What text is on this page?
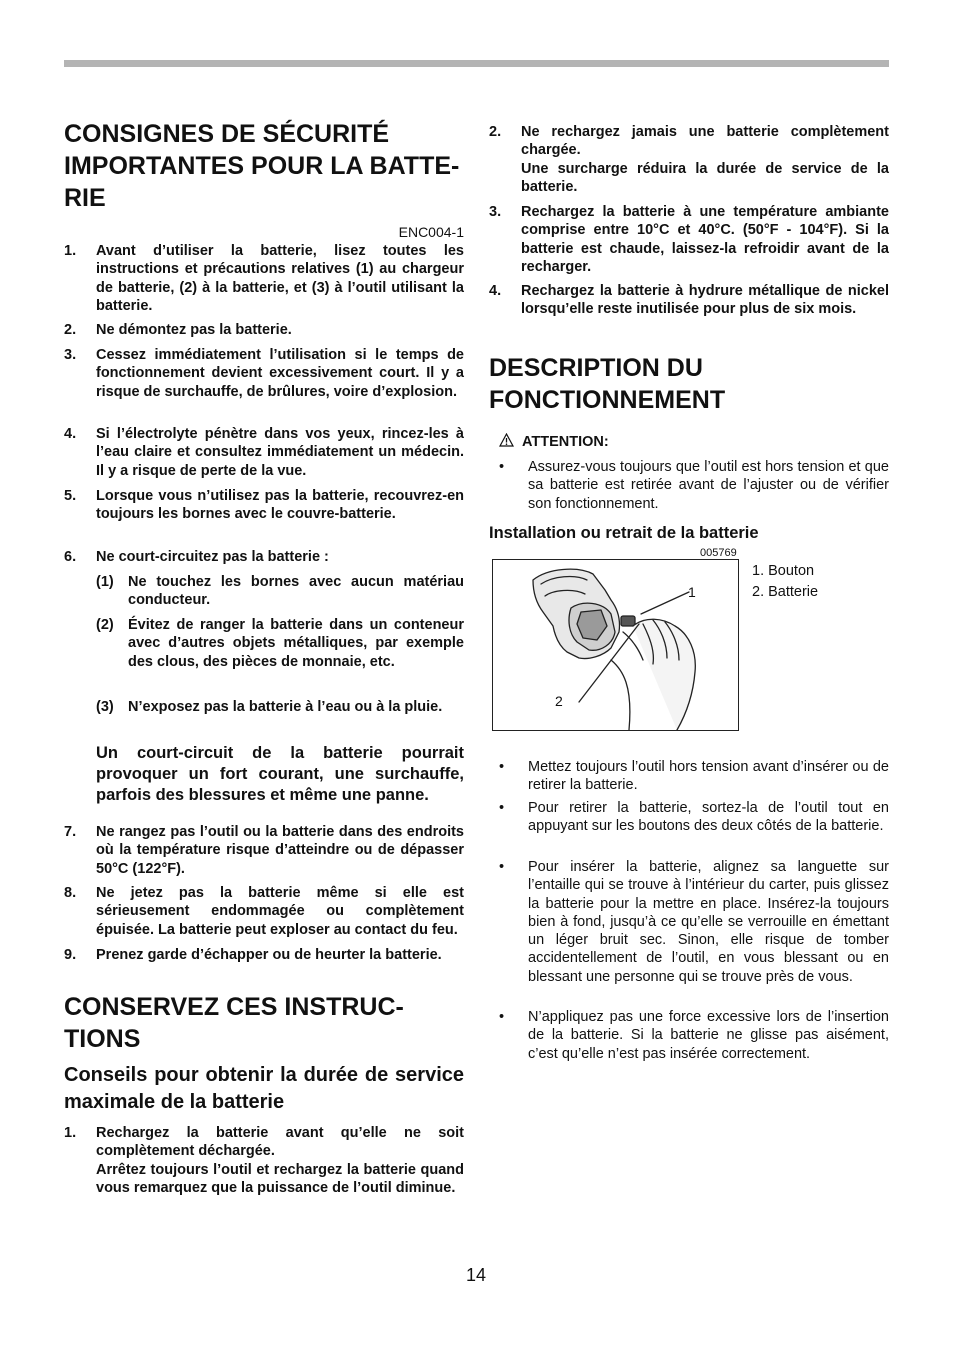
CONSIGNES DE SÉCURITÉ
IMPORTANTES POUR LA BATTE-
RIE
ENC004-1
1.	Avant d’utiliser la batterie, lisez toutes les instructions et précautions relatives (1) au chargeur de batterie, (2) à la batterie, et (3) à l’outil utilisant la batterie.
2.	Ne démontez pas la batterie.
3.	Cessez immédiatement l’utilisation si le temps de fonctionnement devient excessivement court. Il y a risque de surchauffe, de brûlures, voire d’explosion.
4.	Si l’électrolyte pénètre dans vos yeux, rincez-les à l’eau claire et consultez immédiatement un médecin. Il y a risque de perte de la vue.
5.	Lorsque vous n’utilisez pas la batterie, recouvrez-en toujours les bornes avec le couvre-batterie.
6.	Ne court-circuitez pas la batterie :
(1) Ne touchez les bornes avec aucun matériau conducteur.
(2) Évitez de ranger la batterie dans un conteneur avec d’autres objets métalliques, par exemple des clous, des pièces de monnaie, etc.
(3) N’exposez pas la batterie à l’eau ou à la pluie.
Un court-circuit de la batterie pourrait provoquer un fort courant, une surchauffe, parfois des blessures et même une panne.
7.	Ne rangez pas l’outil ou la batterie dans des endroits où la température risque d’atteindre ou de dépasser 50°C (122°F).
8.	Ne jetez pas la batterie même si elle est sérieusement endommagée ou complètement épuisée. La batterie peut exploser au contact du feu.
9.	Prenez garde d’échapper ou de heurter la batterie.
CONSERVEZ CES INSTRUC-
TIONS
Conseils pour obtenir la durée de service maximale de la batterie
1.	Rechargez la batterie avant qu’elle ne soit complètement déchargée.
Arrêtez toujours l’outil et rechargez la batterie quand vous remarquez que la puissance de l’outil diminue.
2.	Ne rechargez jamais une batterie complètement chargée.
Une surcharge réduira la durée de service de la batterie.
3.	Rechargez la batterie à une température ambiante comprise entre 10°C et 40°C. (50°F - 104°F). Si la batterie est chaude, laissez-la refroidir avant de la recharger.
4.	Rechargez la batterie à hydrure métallique de nickel lorsqu’elle reste inutilisée pour plus de six mois.
DESCRIPTION DU
FONCTIONNEMENT
ATTENTION:
• Assurez-vous toujours que l’outil est hors tension et que sa batterie est retirée avant de l’ajuster ou de vérifier son fonctionnement.
Installation ou retrait de la batterie
005769
1. Bouton
2. Batterie
• Mettez toujours l’outil hors tension avant d’insérer ou de retirer la batterie.
• Pour retirer la batterie, sortez-la de l’outil tout en appuyant sur les boutons des deux côtés de la batterie.
• Pour insérer la batterie, alignez sa languette sur l’entaille qui se trouve à l’intérieur du carter, puis glissez la batterie pour la mettre en place. Insérez-la toujours bien à fond, jusqu’à ce qu’elle se verrouille en émettant un léger bruit sec. Sinon, elle risque de tomber accidentellement de l’outil, en vous blessant ou en blessant une personne qui se trouve près de vous.
• N’appliquez pas une force excessive lors de l’insertion de la batterie. Si la batterie ne glisse pas aisément, c’est qu’elle n’est pas insérée correctement.
1
2
14
